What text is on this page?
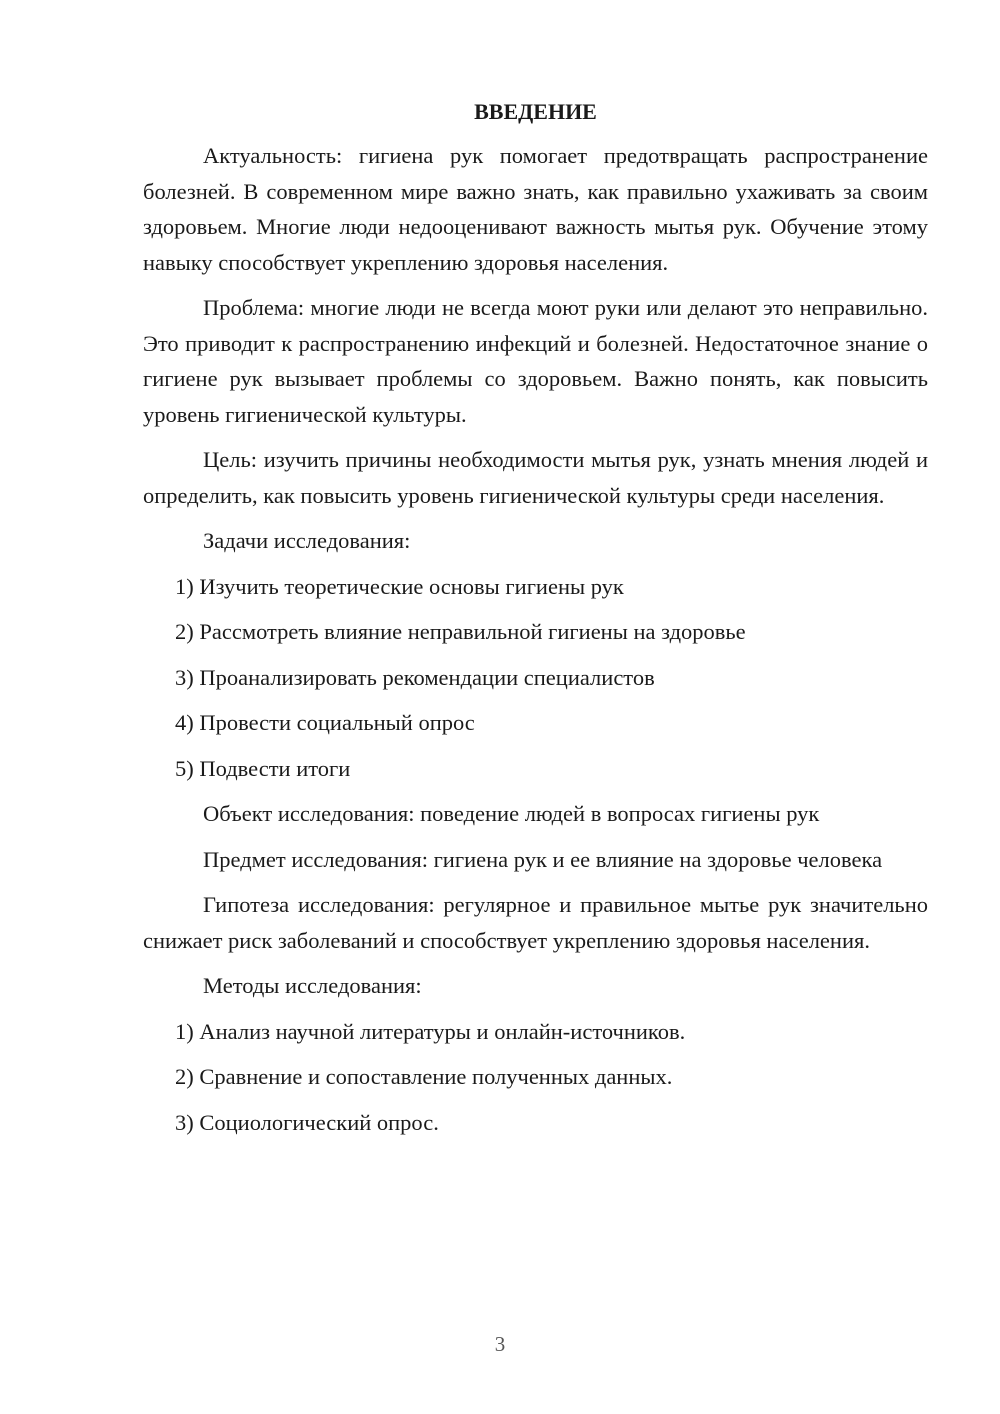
ВВЕДЕНИЕ

Актуальность: гигиена рук помогает предотвращать распространение болезней. В современном мире важно знать, как правильно ухаживать за своим здоровьем. Многие люди недооценивают важность мытья рук. Обучение этому навыку способствует укреплению здоровья населения.

Проблема: многие люди не всегда моют руки или делают это неправильно. Это приводит к распространению инфекций и болезней. Недостаточное знание о гигиене рук вызывает проблемы со здоровьем. Важно понять, как повысить уровень гигиенической культуры.

Цель: изучить причины необходимости мытья рук, узнать мнения людей и определить, как повысить уровень гигиенической культуры среди населения.

Задачи исследования:

1) Изучить теоретические основы гигиены рук

2) Рассмотреть влияние неправильной гигиены на здоровье

3) Проанализировать рекомендации специалистов

4) Провести социальный опрос

5) Подвести итоги

Объект исследования: поведение людей в вопросах гигиены рук

Предмет исследования: гигиена рук и ее влияние на здоровье человека

Гипотеза исследования: регулярное и правильное мытье рук значительно снижает риск заболеваний и способствует укреплению здоровья населения.

Методы исследования:

1) Анализ научной литературы и онлайн-источников.

2) Сравнение и сопоставление полученных данных.

3) Социологический опрос.

3
